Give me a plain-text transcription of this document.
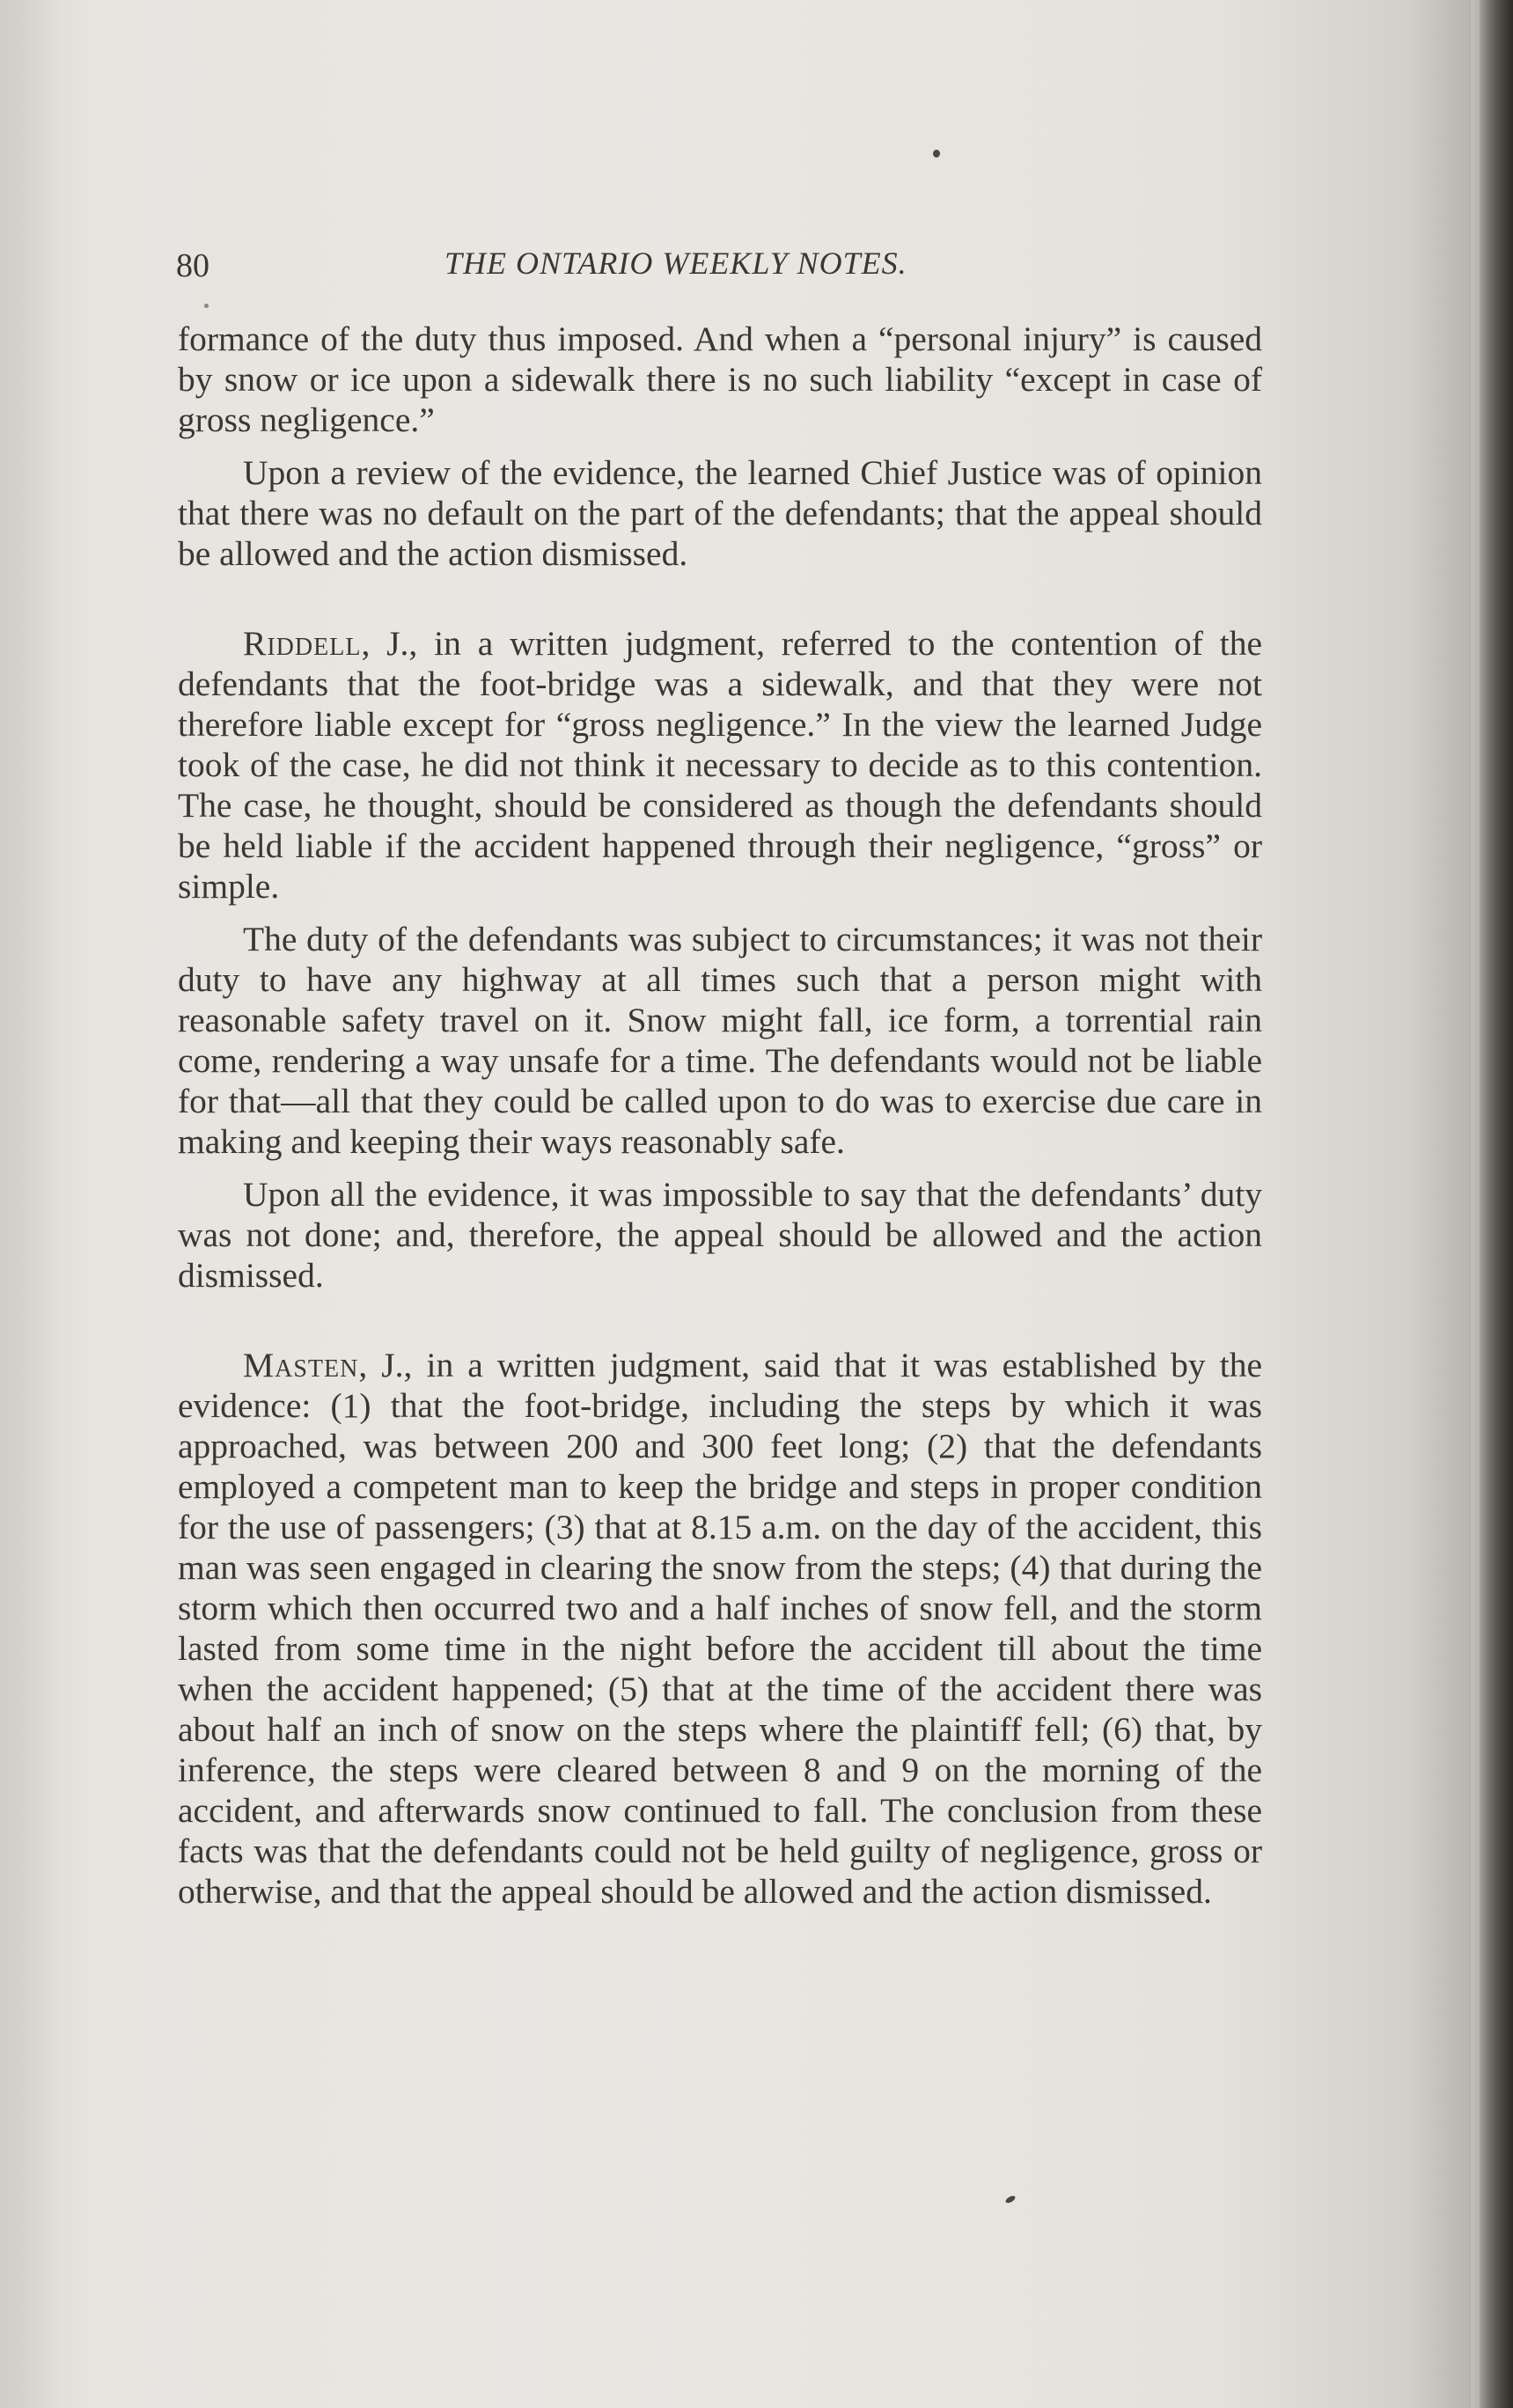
80	THE ONTARIO WEEKLY NOTES.

formance of the duty thus imposed. And when a “personal injury” is caused by snow or ice upon a sidewalk there is no such liability “except in case of gross negligence.”

Upon a review of the evidence, the learned Chief Justice was of opinion that there was no default on the part of the defendants; that the appeal should be allowed and the action dismissed.

Riddell, J., in a written judgment, referred to the contention of the defendants that the foot-bridge was a sidewalk, and that they were not therefore liable except for “gross negligence.” In the view the learned Judge took of the case, he did not think it necessary to decide as to this contention. The case, he thought, should be considered as though the defendants should be held liable if the accident happened through their negligence, “gross” or simple.

The duty of the defendants was subject to circumstances; it was not their duty to have any highway at all times such that a person might with reasonable safety travel on it. Snow might fall, ice form, a torrential rain come, rendering a way unsafe for a time. The defendants would not be liable for that—all that they could be called upon to do was to exercise due care in making and keeping their ways reasonably safe.

Upon all the evidence, it was impossible to say that the defendants’ duty was not done; and, therefore, the appeal should be allowed and the action dismissed.

Masten, J., in a written judgment, said that it was established by the evidence: (1) that the foot-bridge, including the steps by which it was approached, was between 200 and 300 feet long; (2) that the defendants employed a competent man to keep the bridge and steps in proper condition for the use of passengers; (3) that at 8.15 a.m. on the day of the accident, this man was seen engaged in clearing the snow from the steps; (4) that during the storm which then occurred two and a half inches of snow fell, and the storm lasted from some time in the night before the accident till about the time when the accident happened; (5) that at the time of the accident there was about half an inch of snow on the steps where the plaintiff fell; (6) that, by inference, the steps were cleared between 8 and 9 on the morning of the accident, and afterwards snow continued to fall. The conclusion from these facts was that the defendants could not be held guilty of negligence, gross or otherwise, and that the appeal should be allowed and the action dismissed.
